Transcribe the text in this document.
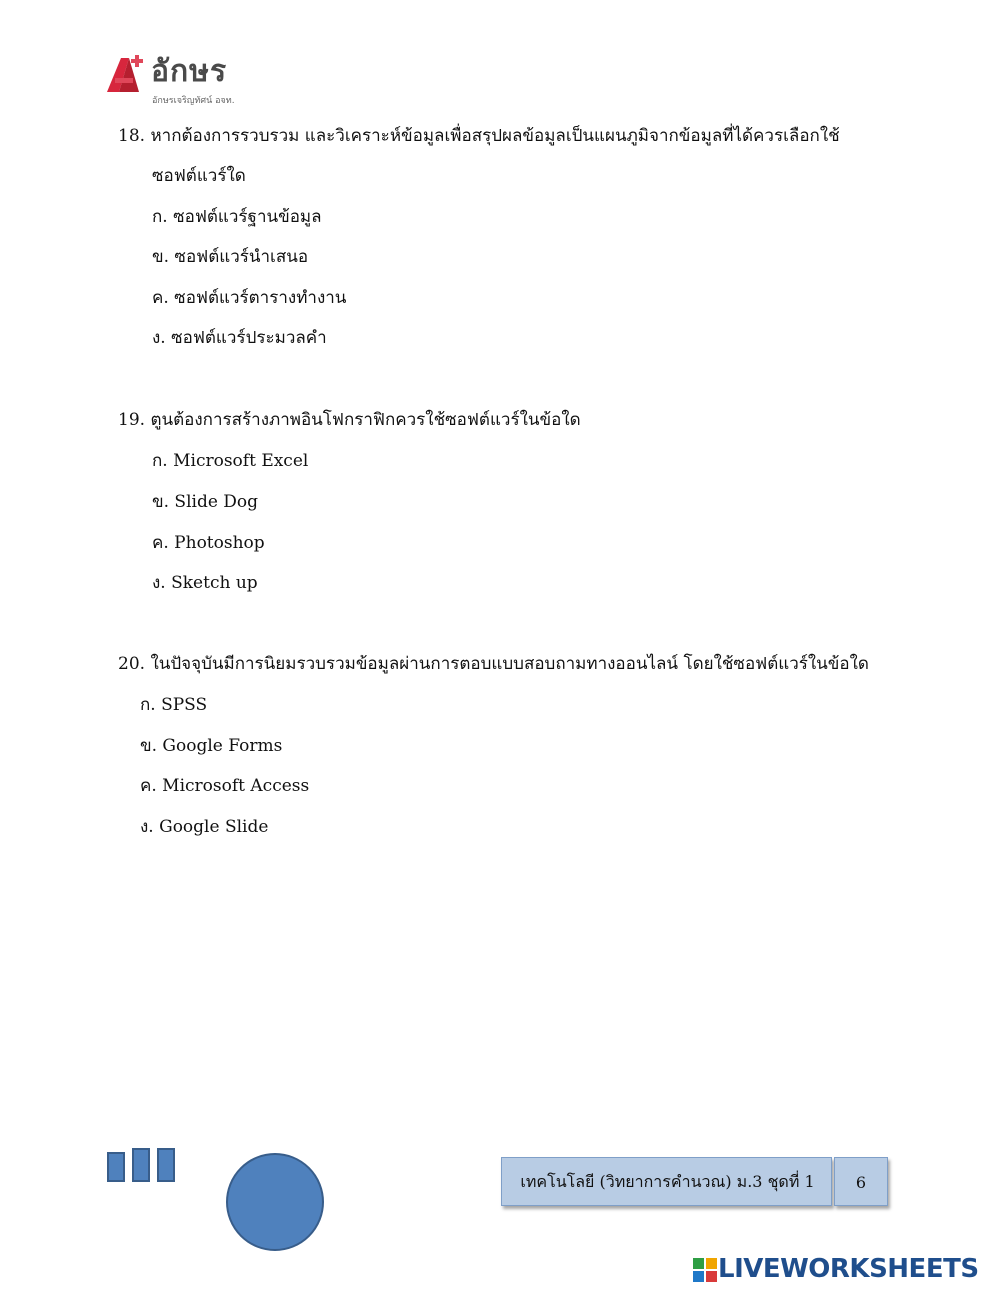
อักษร
อักษรเจริญทัศน์ อจท.
18. หากต้องการรวบรวม และวิเคราะห์ข้อมูลเพื่อสรุปผลข้อมูลเป็นแผนภูมิจากข้อมูลที่ได้ควรเลือกใช้
ซอฟต์แวร์ใด
ก. ซอฟต์แวร์ฐานข้อมูล
ข. ซอฟต์แวร์นำเสนอ
ค. ซอฟต์แวร์ตารางทำงาน
ง. ซอฟต์แวร์ประมวลคำ
19. ตูนต้องการสร้างภาพอินโฟกราฟิกควรใช้ซอฟต์แวร์ในข้อใด
ก. Microsoft Excel
ข. Slide Dog
ค. Photoshop
ง. Sketch up
20. ในปัจจุบันมีการนิยมรวบรวมข้อมูลผ่านการตอบแบบสอบถามทางออนไลน์ โดยใช้ซอฟต์แวร์ในข้อใด
ก. SPSS
ข. Google Forms
ค. Microsoft Access
ง. Google Slide
เทคโนโลยี (วิทยาการคำนวณ) ม.3 ชุดที่ 1	6
LIVEWORKSHEETS
